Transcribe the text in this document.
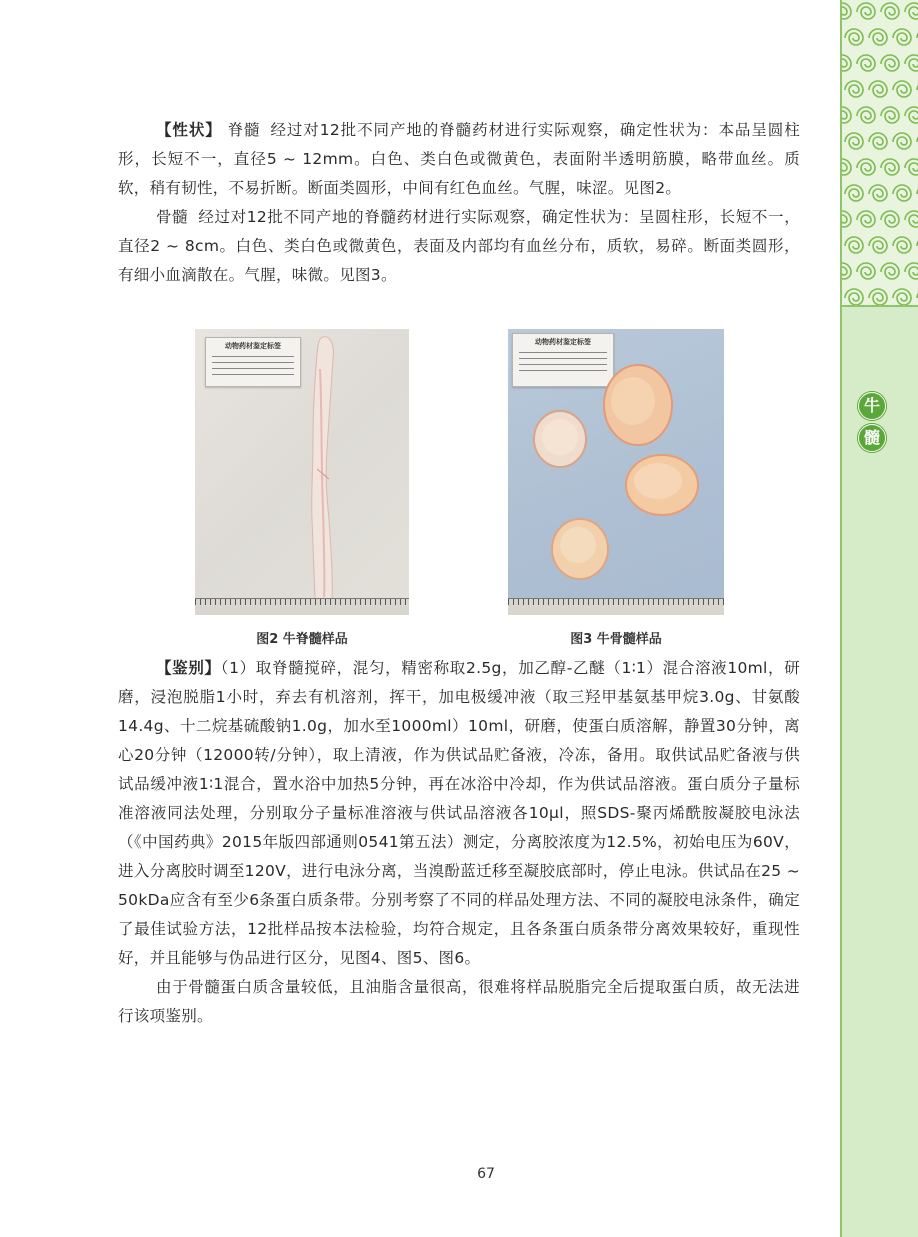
牛
髓

【性状】 脊髓 经过对12批不同产地的脊髓药材进行实际观察，确定性状为：本品呈圆柱形，长短不一，直径5 ~ 12mm。白色、类白色或微黄色，表面附半透明筋膜，略带血丝。质软，稍有韧性，不易折断。断面类圆形，中间有红色血丝。气腥，味涩。见图2。

骨髓 经过对12批不同产地的脊髓药材进行实际观察，确定性状为：呈圆柱形，长短不一，直径2 ~ 8cm。白色、类白色或微黄色，表面及内部均有血丝分布，质软，易碎。断面类圆形，有细小血滴散在。气腥，味微。见图3。

动物药材鉴定标签
图2 牛脊髓样品
动物药材鉴定标签
图3 牛骨髓样品

【鉴别】（1）取脊髓搅碎，混匀，精密称取2.5g，加乙醇-乙醚（1∶1）混合溶液10ml，研磨，浸泡脱脂1小时，弃去有机溶剂，挥干，加电极缓冲液（取三羟甲基氨基甲烷3.0g、甘氨酸14.4g、十二烷基硫酸钠1.0g，加水至1000ml）10ml，研磨，使蛋白质溶解，静置30分钟，离心20分钟（12000转/分钟），取上清液，作为供试品贮备液，冷冻，备用。取供试品贮备液与供试品缓冲液1∶1混合，置水浴中加热5分钟，再在冰浴中冷却，作为供试品溶液。蛋白质分子量标准溶液同法处理，分别取分子量标准溶液与供试品溶液各10μl，照SDS-聚丙烯酰胺凝胶电泳法（《中国药典》2015年版四部通则0541第五法）测定，分离胶浓度为12.5%，初始电压为60V，进入分离胶时调至120V，进行电泳分离，当溴酚蓝迁移至凝胶底部时，停止电泳。供试品在25 ~ 50kDa应含有至少6条蛋白质条带。分别考察了不同的样品处理方法、不同的凝胶电泳条件，确定了最佳试验方法，12批样品按本法检验，均符合规定，且各条蛋白质条带分离效果较好，重现性好，并且能够与伪品进行区分，见图4、图5、图6。

由于骨髓蛋白质含量较低，且油脂含量很高，很难将样品脱脂完全后提取蛋白质，故无法进行该项鉴别。

67
